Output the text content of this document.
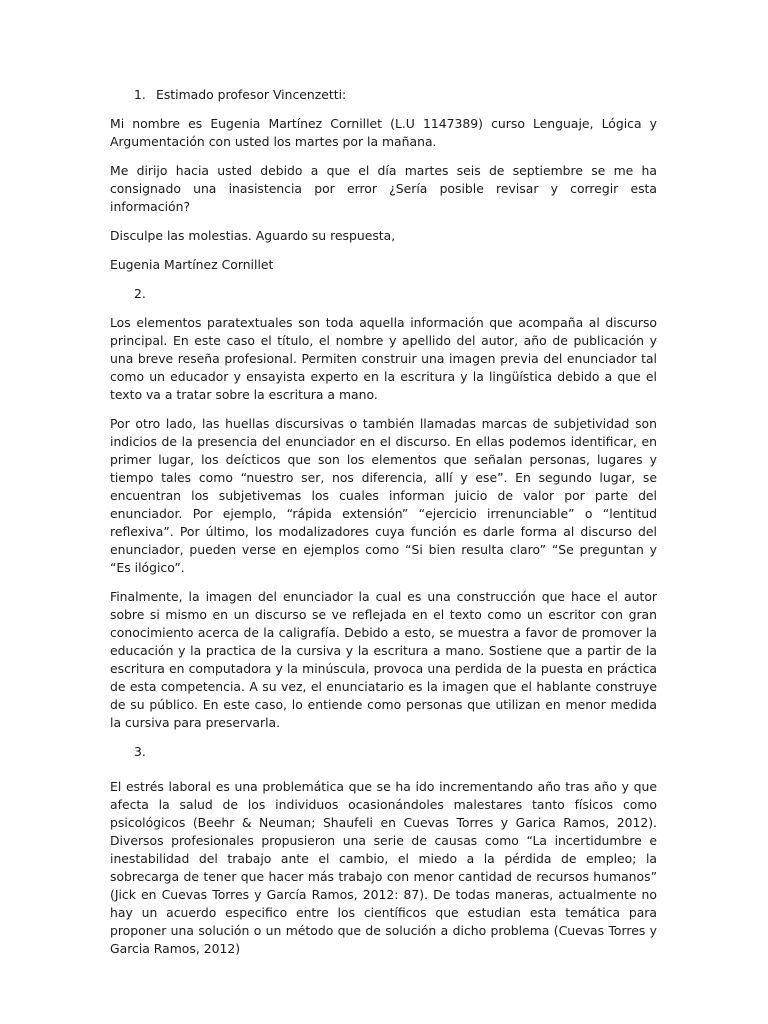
1. Estimado profesor Vincenzetti:

Mi nombre es Eugenia Martínez Cornillet (L.U 1147389) curso Lenguaje, Lógica y Argumentación con usted los martes por la mañana.

Me dirijo hacia usted debido a que el día martes seis de septiembre se me ha consignado una inasistencia por error ¿Sería posible revisar y corregir esta información?

Disculpe las molestias. Aguardo su respuesta,

Eugenia Martínez Cornillet

2.

Los elementos paratextuales son toda aquella información que acompaña al discurso principal. En este caso el título, el nombre y apellido del autor, año de publicación y una breve reseña profesional. Permiten construir una imagen previa del enunciador tal como un educador y ensayista experto en la escritura y la lingüística debido a que el texto va a tratar sobre la escritura a mano.

Por otro lado, las huellas discursivas o también llamadas marcas de subjetividad son indicios de la presencia del enunciador en el discurso. En ellas podemos identificar, en primer lugar, los deícticos que son los elementos que señalan personas, lugares y tiempo tales como “nuestro ser, nos diferencia, allí y ese”. En segundo lugar, se encuentran los subjetivemas los cuales informan juicio de valor por parte del enunciador. Por ejemplo, “rápida extensión” “ejercicio irrenunciable” o “lentitud reflexiva”. Por último, los modalizadores cuya función es darle forma al discurso del enunciador, pueden verse en ejemplos como “Si bien resulta claro” “Se preguntan y “Es ilógico”.

Finalmente, la imagen del enunciador la cual es una construcción que hace el autor sobre si mismo en un discurso se ve reflejada en el texto como un escritor con gran conocimiento acerca de la caligrafía. Debido a esto, se muestra a favor de promover la educación y la practica de la cursiva y la escritura a mano. Sostiene que a partir de la escritura en computadora y la minúscula, provoca una perdida de la puesta en práctica de esta competencia. A su vez, el enunciatario es la imagen que el hablante construye de su público. En este caso, lo entiende como personas que utilizan en menor medida la cursiva para preservarla.

3.

El estrés laboral es una problemática que se ha ido incrementando año tras año y que afecta la salud de los individuos ocasionándoles malestares tanto físicos como psicológicos (Beehr & Neuman; Shaufeli en Cuevas Torres y Garica Ramos, 2012). Diversos profesionales propusieron una serie de causas como “La incertidumbre e inestabilidad del trabajo ante el cambio, el miedo a la pérdida de empleo; la sobrecarga de tener que hacer más trabajo con menor cantidad de recursos humanos” (Jick en Cuevas Torres y García Ramos, 2012: 87). De todas maneras, actualmente no hay un acuerdo especifico entre los científicos que estudian esta temática para proponer una solución o un método que de solución a dicho problema (Cuevas Torres y Garcia Ramos, 2012)
